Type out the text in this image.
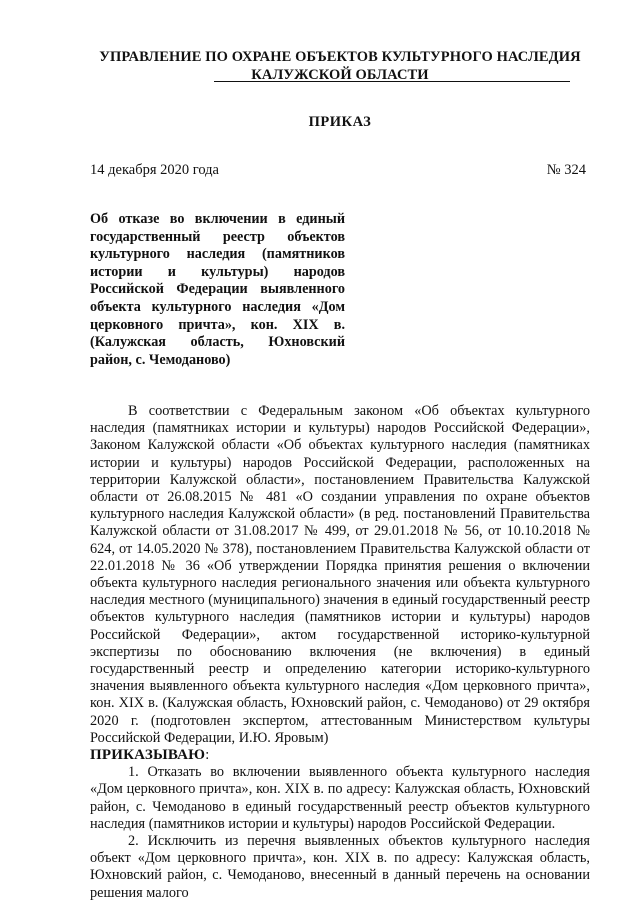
УПРАВЛЕНИЕ ПО ОХРАНЕ ОБЪЕКТОВ КУЛЬТУРНОГО НАСЛЕДИЯ
КАЛУЖСКОЙ ОБЛАСТИ
ПРИКАЗ
14 декабря 2020 года	№ 324
Об отказе во включении в единый государственный реестр объектов культурного наследия (памятников истории и культуры) народов Российской Федерации выявленного объекта культурного наследия «Дом церковного причта», кон. XIX в. (Калужская область, Юхновский район, с. Чемоданово)

В соответствии с Федеральным законом «Об объектах культурного наследия (памятниках истории и культуры) народов Российской Федерации», Законом Калужской области «Об объектах культурного наследия (памятниках истории и культуры) народов Российской Федерации, расположенных на территории Калужской области», постановлением Правительства Калужской области от 26.08.2015 № 481 «О создании управления по охране объектов культурного наследия Калужской области» (в ред. постановлений Правительства Калужской области от 31.08.2017 № 499, от 29.01.2018 № 56, от 10.10.2018 № 624, от 14.05.2020 № 378), постановлением Правительства Калужской области от 22.01.2018 № 36 «Об утверждении Порядка принятия решения о включении объекта культурного наследия регионального значения или объекта культурного наследия местного (муниципального) значения в единый государственный реестр объектов культурного наследия (памятников истории и культуры) народов Российской Федерации», актом государственной историко-культурной экспертизы по обоснованию включения (не включения) в единый государственный реестр и определению категории историко-культурного значения выявленного объекта культурного наследия «Дом церковного причта», кон. XIX в. (Калужская область, Юхновский район, с. Чемоданово) от 29 октября 2020 г. (подготовлен экспертом, аттестованным Министерством культуры Российской Федерации, И.Ю. Яровым)

ПРИКАЗЫВАЮ:

1. Отказать во включении выявленного объекта культурного наследия «Дом церковного причта», кон. XIX в. по адресу: Калужская область, Юхновский район, с. Чемоданово в единый государственный реестр объектов культурного наследия (памятников истории и культуры) народов Российской Федерации.

2. Исключить из перечня выявленных объектов культурного наследия объект «Дом церковного причта», кон. XIX в. по адресу: Калужская область, Юхновский район, с. Чемоданово, внесенный в данный перечень на основании решения малого
